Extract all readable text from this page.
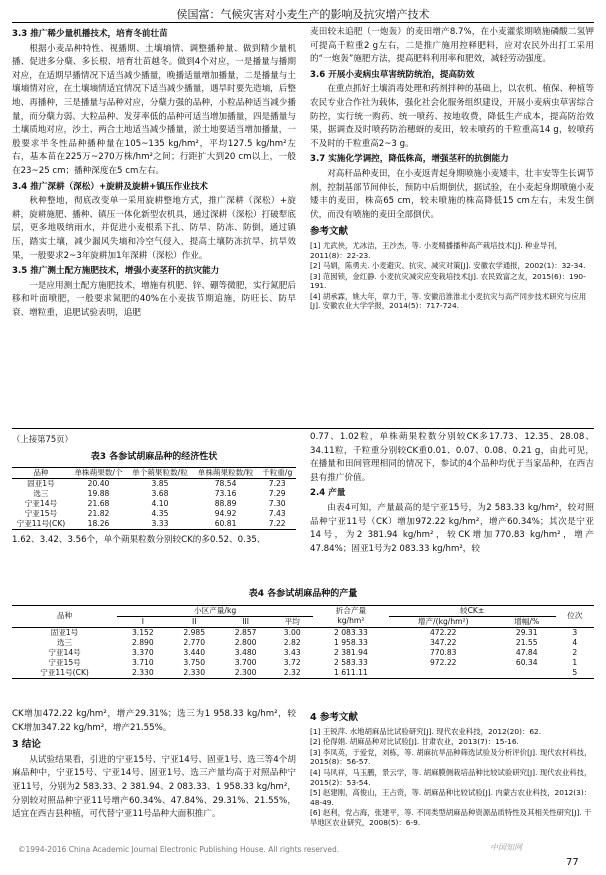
侯国富：气候灾害对小麦生产的影响及抗灾增产技术
3.3 推广稀少量机播技术，培育冬前壮苗

根据小麦品种特性、视播期、土壤墒情、调整播种量、做到精少量机播、促进多分蘖、多长根、培育壮苗越冬。做到4个对应，一是播量与播期对应，在适期早播情况下适当减少播量，晚播适量增加播量，二是播量与土壤墒情对应，在土壤墒情适宜情况下适当减少播量，遇旱时要先造墒，后整地、再播种，三是播量与品种对应，分蘖力强的品种，小粒品种适当减少播量，而分蘖力弱、大粒品种、发芽率低的品种可适当增加播量，四是播量与土壤质地对应，沙土、两合土地适当减少播量，淤土地要适当增加播量，一般要求半冬性品种播种量在105~135 kg/hm²，平均127.5 kg/hm²左右，基本苗在225万~270万株/hm²之间；行距扩大到20 cm以上，一般在23~25 cm；播种深度在5 cm左右。

3.4 推广深耕（深松）+旋耕及旋耕+镇压作业技术

秋种整地，彻底改变单一采用旋耕整地方式，推广深耕（深松）+旋耕，旋耕施肥、播种、镇压一体化新型农机具，通过深耕（深松）打破犁底层，更多地吸纳雨水，并促进小麦根系下扎、防旱、防冻、防倒，通过镇压，踏实土壤，减少漏风失墒和冷空气侵入，提高土壤防冻抗旱、抗旱效果，一般要求2~3年旋耕加1年深耕（深松）作业。

3.5 推广测土配方施肥技术，增强小麦茎秆的抗灾能力

一是应用测土配方施肥技术，增施有机肥、锌、硼等微肥，实行氮肥后移和叶面喷肥，一般要求氮肥的40%在小麦拔节期追施，防旺长、防早衰、增粒重，追肥试验表明，追肥

麦田较未追肥（一炮轰）的麦田增产8.7%，在小麦灌浆期喷施磷酸二氢钾可提高千粒重2 g左右，二是推广施用控释肥料，应对农民外出打工采用的“一炮轰”施肥方法，提高肥料利用率和肥效，减轻劳动强度。

3.6 开展小麦病虫草害统防统治，提高防效

在重点抓好土壤消毒处理和药剂拌种的基础上，以农机、植保、种植等农民专业合作社为载体，强化社会化服务组织建设，开展小麦病虫草害综合防控，实行统一购药、统一喷药、按地收费，降低生产成本，提高防治效果，据调查及时喷药防治穗蚜的麦田，较未喷药的千粒重高14 g，较喷药不及时的千粒重高2~3 g。

3.7 实施化学调控，降低株高，增强茎秆的抗倒能力

对高秆品种麦田，在小麦返青起身期喷施小麦矮丰，壮丰安等生长调节剂，控制基部节间伸长，预防中后期倒伏，据试验，在小麦起身期喷施小麦矮丰的麦田，株高65 cm，较未喷施的株高降低15 cm左右，未发生倒伏，而没有喷施的麦田全部倒伏。

参考文献
[1] 尤武侠，尤冰洁，王沙杰，等. 小麦精播播种高产栽培技术[J]. 种业导刊，2011(8)：22-23.
[2] 马娟，陈勇夫. 小麦避灾、抗灾、减灾对策[J]. 安徽农学通报，2002(1)：32-34.
[3] 范囡锁，金红静. 小麦抗灾减灾应变栽培技术[J]. 农民致富之友，2015(6)：190-191.
[4] 胡承霖，姚大年，章力干，等. 安徽沿淮淮北小麦抗灾与高产同步技术研究与应用[J]. 安徽农业大学学报，2014(5)：717-724.
（上接第75页）
表3 各参试胡麻品种的经济性状
品种	单株蒴果数/个	单个蒴果粒数/粒	单株蒴果粒数/粒	千粒重/g
固亚1号	20.40	3.85	78.54	7.23
选三	19.88	3.68	73.16	7.29
宁亚14号	21.68	4.10	88.89	7.30
宁亚15号	21.82	4.35	94.92	7.43
宁亚11号(CK)	18.26	3.33	60.81	7.22

1.62、3.42、3.56个，单个蒴果粒数分别较CK的多0.52、0.35、

0.77、1.02粒，单株蒴果粒数分别较CK多17.73、12.35、28.08、34.11粒，千粒重分别较CK重0.01、0.07、0.08、0.21 g，由此可见，在播量和田间管理相同的情况下，参试的4个品种均优于当家品种，在西吉县有推广价值。

2.4 产量

由表4可知，产量最高的是宁亚15号，为2 583.33 kg/hm²，较对照品种宁亚11号（CK）增加972.22 kg/hm²，增产60.34%；其次是宁亚14号，为2 381.94 kg/hm²，较CK增加770.83 kg/hm²，增产47.84%；固亚1号为2 083.33 kg/hm²，较

表4 各参试胡麻品种的产量
品种	小区产量/kg				折合产量	较CK±		位次
	I	II	III	平均	kg/hm²	增产/(kg/hm²)	增幅/%	
固亚1号	3.152	2.985	2.857	3.00	2 083.33	472.22	29.31	3
选三	2.890	2.770	2.800	2.82	1 958.33	347.22	21.55	4
宁亚14号	3.370	3.440	3.480	3.43	2 381.94	770.83	47.84	2
宁亚15号	3.710	3.750	3.700	3.72	2 583.33	972.22	60.34	1
宁亚11号(CK)	2.330	2.330	2.300	2.32	1 611.11			5

CK增加472.22 kg/hm²，增产29.31%；选三为1 958.33 kg/hm²，较CK增加347.22 kg/hm²，增产21.55%。

3 结论

从试验结果看，引进的宁亚15号、宁亚14号、固亚1号、选三等4个胡麻品种中，宁亚15号、宁亚14号、固亚1号、选三产量均高于对照品种宁亚11号，分别为2 583.33、2 381.94、2 083.33、1 958.33 kg/hm²，分别较对照品种宁亚11号增产60.34%、47.84%、29.31%、21.55%，适宜在西吉县种植，可代替宁亚11号品种大面积推广。

4 参考文献
[1] 王锐萍. 水地胡麻品比试验研究[J]. 现代农业科技，2012(20)：62.
[2] 伦得娟. 胡麻品种对比试验[J]. 甘肃农业，2013(7)：15-16.
[3] 李凤英，于爱党，刘栋，等. 胡麻抗旱品种筛选试验及分析评价[J]. 现代农村科技，2015(8)：56-57.
[4] 马风祥，马玉鹏，景云学，等. 胡麻膜侧栽培品种比较试验研究[J]. 现代农业科技，2015(2)：53-54.
[5] 赵建刚，高俊山，王占资，等. 胡麻品种比较试验[J]. 内蒙古农业科技，2012(3)：48-49.
[6] 赵利，党占海，张建平，等. 不同类型胡麻品种资源品质特性及其相关性研究[J]. 干旱地区农业研究，2008(5)：6-9.
©1994-2016 China Academic Journal Electronic Publishing House. All rights reserved.	中国知网
77
